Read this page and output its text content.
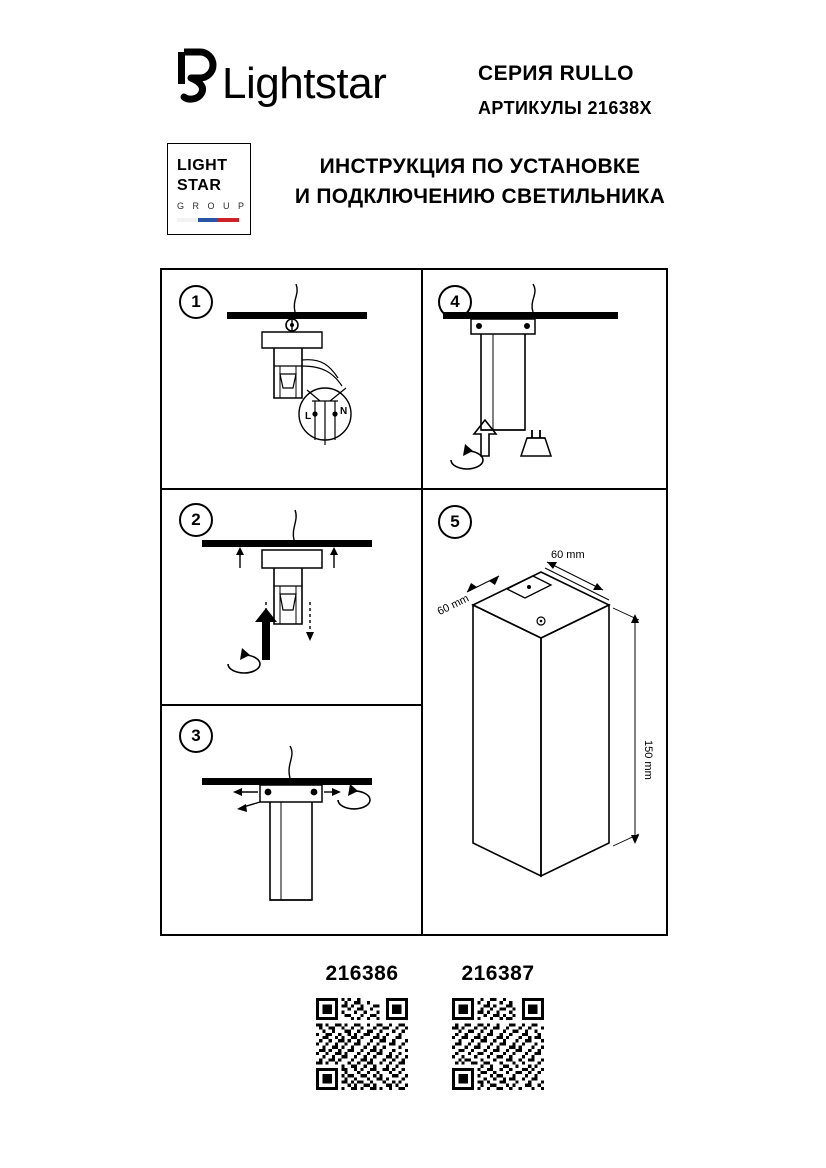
Lightstar	СЕРИЯ RULLO
АРТИКУЛЫ 21638X
LIGHT
STAR
G R O U P
ИНСТРУКЦИЯ ПО УСТАНОВКЕ
И ПОДКЛЮЧЕНИЮ СВЕТИЛЬНИКА
1
L	N
2
3
4
5
60 mm
60 mm
150 mm
216386	216387
